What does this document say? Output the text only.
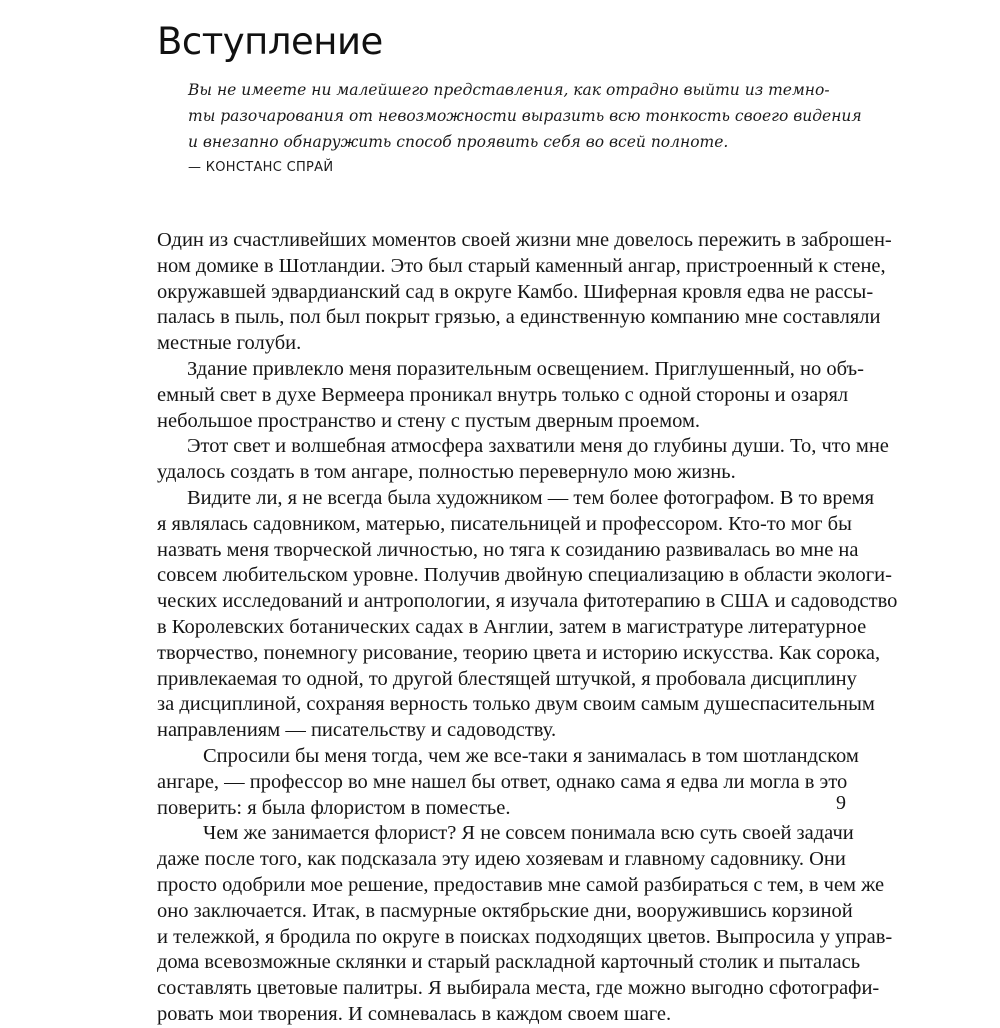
Вступление
Вы не имеете ни малейшего представления, как отрадно выйти из темно-
ты разочарования от невозможности выразить всю тонкость своего видения
и внезапно обнаружить способ проявить себя во всей полноте.
— КОНСТАНС СПРАЙ
Один из счастливейших моментов своей жизни мне довелось пережить в заброшен-
ном домике в Шотландии. Это был старый каменный ангар, пристроенный к стене,
окружавшей эдвардианский сад в округе Камбо. Шиферная кровля едва не рассы-
палась в пыль, пол был покрыт грязью, а единственную компанию мне составляли
местные голуби.
Здание привлекло меня поразительным освещением. Приглушенный, но объ-
емный свет в духе Вермеера проникал внутрь только с одной стороны и озарял
небольшое пространство и стену с пустым дверным проемом.
Этот свет и волшебная атмосфера захватили меня до глубины души. То, что мне
удалось создать в том ангаре, полностью перевернуло мою жизнь.
Видите ли, я не всегда была художником — тем более фотографом. В то время
я являлась садовником, матерью, писательницей и профессором. Кто-то мог бы
назвать меня творческой личностью, но тяга к созиданию развивалась во мне на
совсем любительском уровне. Получив двойную специализацию в области экологи-
ческих исследований и антропологии, я изучала фитотерапию в США и садоводство
в Королевских ботанических садах в Англии, затем в магистратуре литературное
творчество, понемногу рисование, теорию цвета и историю искусства. Как сорока,
привлекаемая то одной, то другой блестящей штучкой, я пробовала дисциплину
за дисциплиной, сохраняя верность только двум своим самым душеспасительным
направлениям — писательству и садоводству.
Спросили бы меня тогда, чем же все-таки я занималась в том шотландском
ангаре, — профессор во мне нашел бы ответ, однако сама я едва ли могла в это
поверить: я была флористом в поместье.
Чем же занимается флорист? Я не совсем понимала всю суть своей задачи
даже после того, как подсказала эту идею хозяевам и главному садовнику. Они
просто одобрили мое решение, предоставив мне самой разбираться с тем, в чем же
оно заключается. Итак, в пасмурные октябрьские дни, вооружившись корзиной
и тележкой, я бродила по округе в поисках подходящих цветов. Выпросила у управ-
дома всевозможные склянки и старый раскладной карточный столик и пыталась
составлять цветовые палитры. Я выбирала места, где можно выгодно сфотографи-
ровать мои творения. И сомневалась в каждом своем шаге.
9
